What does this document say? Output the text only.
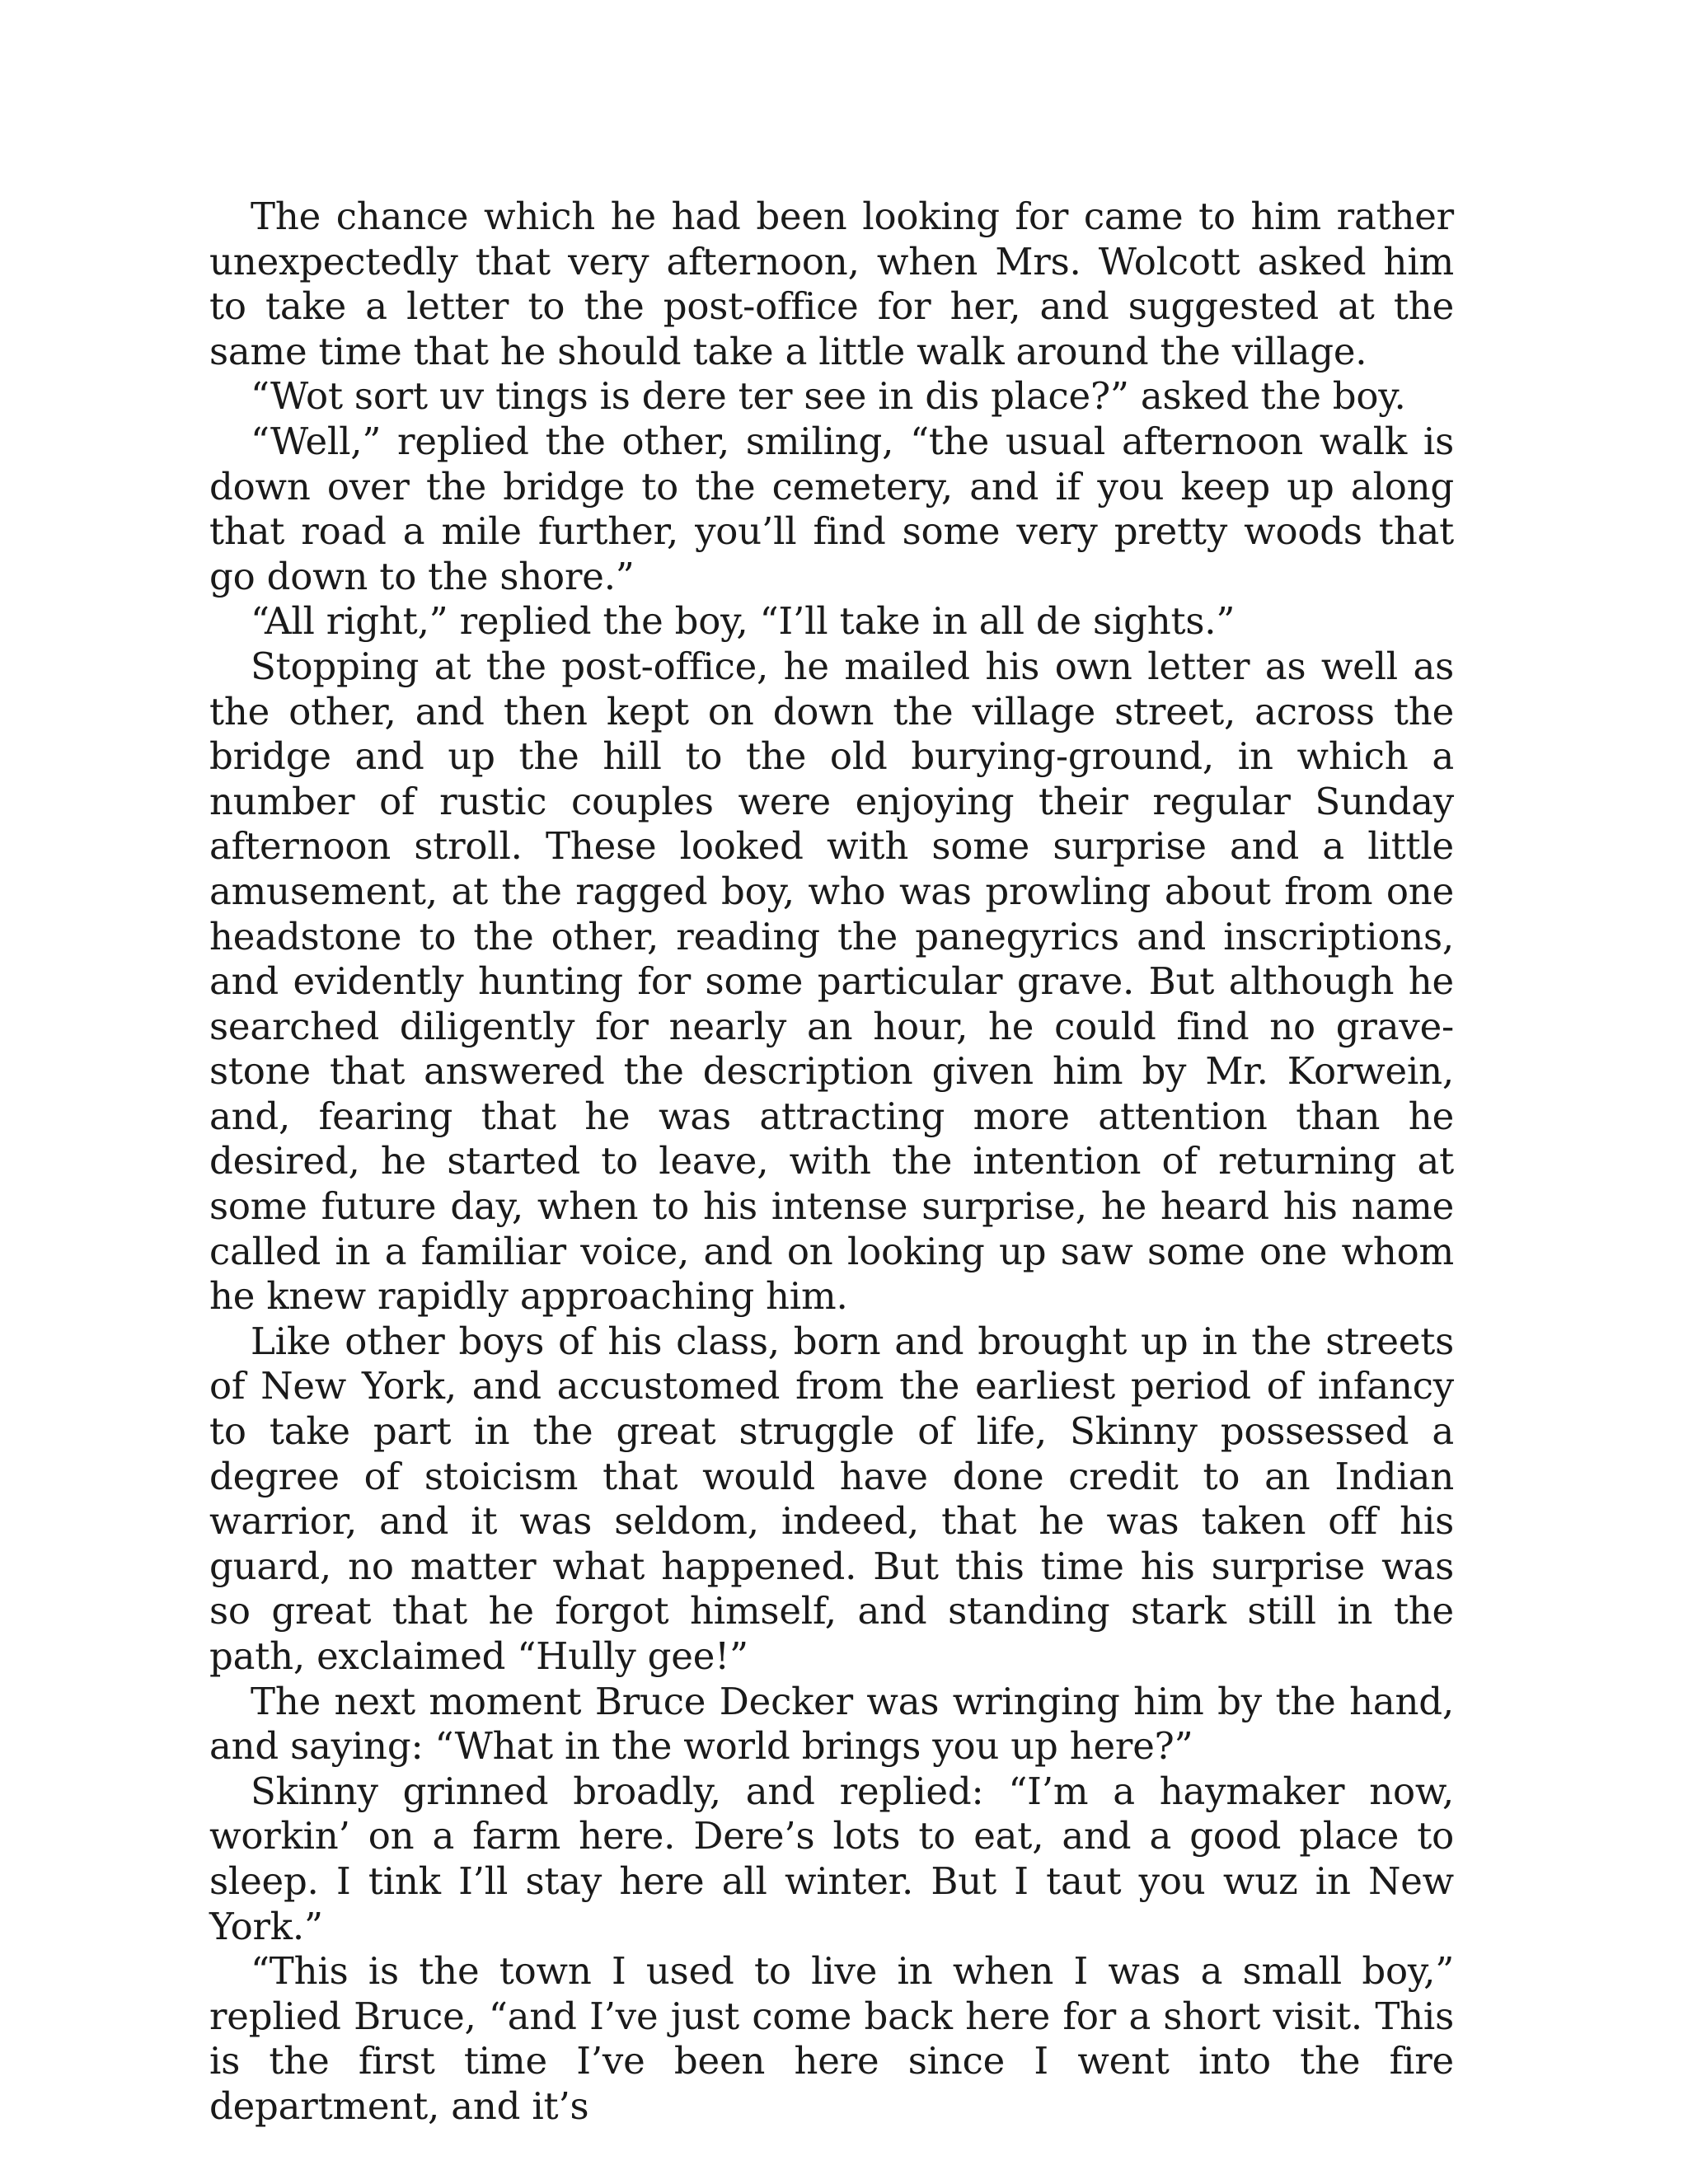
The chance which he had been looking for came to him rather unexpectedly that very afternoon, when Mrs. Wolcott asked him to take a letter to the post-office for her, and suggested at the same time that he should take a little walk around the village.

“Wot sort uv tings is dere ter see in dis place?” asked the boy.

“Well,” replied the other, smiling, “the usual afternoon walk is down over the bridge to the cemetery, and if you keep up along that road a mile further, you’ll find some very pretty woods that go down to the shore.”

“All right,” replied the boy, “I’ll take in all de sights.”

Stopping at the post-office, he mailed his own letter as well as the other, and then kept on down the village street, across the bridge and up the hill to the old burying-ground, in which a number of rustic couples were enjoying their regular Sunday afternoon stroll. These looked with some surprise and a little amusement, at the ragged boy, who was prowling about from one headstone to the other, reading the panegyrics and inscriptions, and evidently hunting for some particular grave. But although he searched diligently for nearly an hour, he could find no grave-stone that answered the description given him by Mr. Korwein, and, fearing that he was attracting more attention than he desired, he started to leave, with the intention of returning at some future day, when to his intense surprise, he heard his name called in a familiar voice, and on looking up saw some one whom he knew rapidly approaching him.

Like other boys of his class, born and brought up in the streets of New York, and accustomed from the earliest period of infancy to take part in the great struggle of life, Skinny possessed a degree of stoicism that would have done credit to an Indian warrior, and it was seldom, indeed, that he was taken off his guard, no matter what happened. But this time his surprise was so great that he forgot himself, and standing stark still in the path, exclaimed “Hully gee!”

The next moment Bruce Decker was wringing him by the hand, and saying: “What in the world brings you up here?”

Skinny grinned broadly, and replied: “I’m a haymaker now, workin’ on a farm here. Dere’s lots to eat, and a good place to sleep. I tink I’ll stay here all winter. But I taut you wuz in New York.”

“This is the town I used to live in when I was a small boy,” replied Bruce, “and I’ve just come back here for a short visit. This is the first time I’ve been here since I went into the fire department, and it’s
